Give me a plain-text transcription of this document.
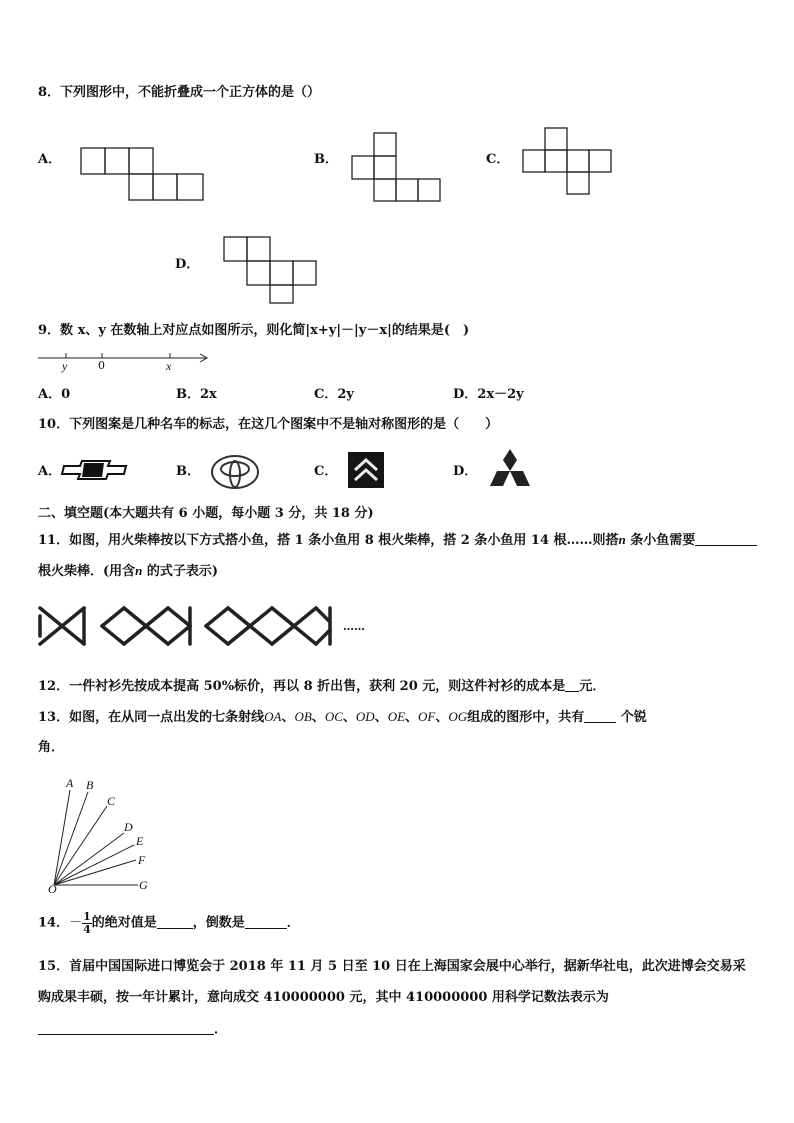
8．下列图形中，不能折叠成一个正方体的是（）
A．	B．	C．
D．
9．数 x、y 在数轴上对应点如图所示，则化简|x+y|－|y－x|的结果是(　)
y	0	x
A．0	B．2x	C．2y	D．2x－2y
10．下列图案是几种名车的标志，在这几个图案中不是轴对称图形的是（　　）
A．	B．	C．	D．
二、填空题(本大题共有 6 小题，每小题 3 分，共 18 分)
11．如图，用火柴棒按以下方式搭小鱼，搭 1 条小鱼用 8 根火柴棒，搭 2 条小鱼用 14 根……则搭n 条小鱼需要
根火柴棒．(用含n 的式子表示)
……
12．一件衬衫先按成本提高 50%标价，再以 8 折出售，获利 20 元，则这件衬衫的成本是 元．
13．如图，在从同一点出发的七条射线OA、OB、OC、OD、OE、OF、OG组成的图形中，共有 个锐
角．
A B
C
D
E
F
G
O
14．－ $\frac{1}{4}$ 的绝对值是	，倒数是	．
15．首届中国国际进口博览会于 2018 年 11 月 5 日至 10 日在上海国家会展中心举行，据新华社电，此次进博会交易采
购成果丰硕，按一年计累计，意向成交 410000000 元，其中 410000000 用科学记数法表示为
．
